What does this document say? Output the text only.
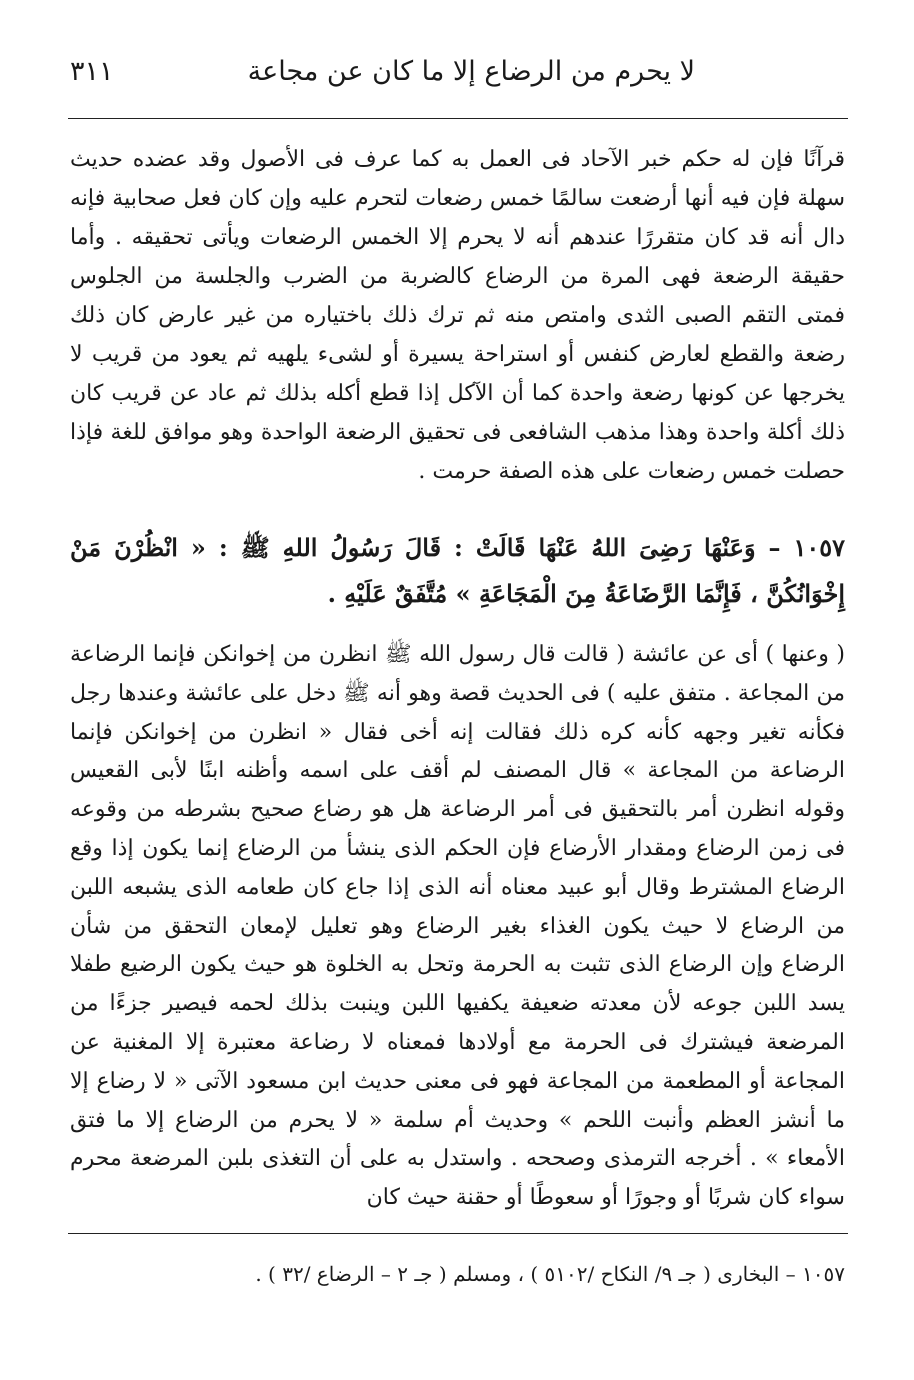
لا يحرم من الرضاع إلا ما كان عن مجاعة
٣١١
قرآنًا فإن له حكم خبر الآحاد فى العمل به كما عرف فى الأصول وقد عضده حديث سهلة فإن فيه أنها أرضعت سالمًا خمس رضعات لتحرم عليه وإن كان فعل صحابية فإنه دال أنه قد كان متقررًا عندهم أنه لا يحرم إلا الخمس الرضعات ويأتى تحقيقه . وأما حقيقة الرضعة فهى المرة من الرضاع كالضربة من الضرب والجلسة من الجلوس فمتى التقم الصبى الثدى وامتص منه ثم ترك ذلك باختياره من غير عارض كان ذلك رضعة والقطع لعارض كنفس أو استراحة يسيرة أو لشىء يلهيه ثم يعود من قريب لا يخرجها عن كونها رضعة واحدة كما أن الآكل إذا قطع أكله بذلك ثم عاد عن قريب كان ذلك أكلة واحدة وهذا مذهب الشافعى فى تحقيق الرضعة الواحدة وهو موافق للغة فإذا حصلت خمس رضعات على هذه الصفة حرمت .
١٠٥٧ – وَعَنْهَا رَضِىَ اللهُ عَنْهَا قَالَتْ : قَالَ رَسُولُ اللهِ ﷺ : « انْظُرْنَ مَنْ إِخْوَانُكُنَّ ، فَإِنَّمَا الرَّضَاعَةُ مِنَ الْمَجَاعَةِ » مُتَّفَقٌ عَلَيْهِ .
( وعنها ) أى عن عائشة ( قالت قال رسول الله ﷺ انظرن من إخوانكن فإنما الرضاعة من المجاعة . متفق عليه ) فى الحديث قصة وهو أنه ﷺ دخل على عائشة وعندها رجل فكأنه تغير وجهه كأنه كره ذلك فقالت إنه أخى فقال « انظرن من إخوانكن فإنما الرضاعة من المجاعة » قال المصنف لم أقف على اسمه وأظنه ابنًا لأبى القعيس وقوله انظرن أمر بالتحقيق فى أمر الرضاعة هل هو رضاع صحيح بشرطه من وقوعه فى زمن الرضاع ومقدار الأرضاع فإن الحكم الذى ينشأ من الرضاع إنما يكون إذا وقع الرضاع المشترط وقال أبو عبيد معناه أنه الذى إذا جاع كان طعامه الذى يشبعه اللبن من الرضاع لا حيث يكون الغذاء بغير الرضاع وهو تعليل لإمعان التحقق من شأن الرضاع وإن الرضاع الذى تثبت به الحرمة وتحل به الخلوة هو حيث يكون الرضيع طفلا يسد اللبن جوعه لأن معدته ضعيفة يكفيها اللبن وينبت بذلك لحمه فيصير جزءًا من المرضعة فيشترك فى الحرمة مع أولادها فمعناه لا رضاعة معتبرة إلا المغنية عن المجاعة أو المطعمة من المجاعة فهو فى معنى حديث ابن مسعود الآتى « لا رضاع إلا ما أنشز العظم وأنبت اللحم » وحديث أم سلمة « لا يحرم من الرضاع إلا ما فتق الأمعاء » . أخرجه الترمذى وصححه . واستدل به على أن التغذى بلبن المرضعة محرم سواء كان شربًا أو وجورًا أو سعوطًا أو حقنة حيث كان
١٠٥٧ – البخارى ( جـ ٩/ النكاح /٥١٠٢ ) ، ومسلم ( جـ ٢ – الرضاع /٣٢ ) .
